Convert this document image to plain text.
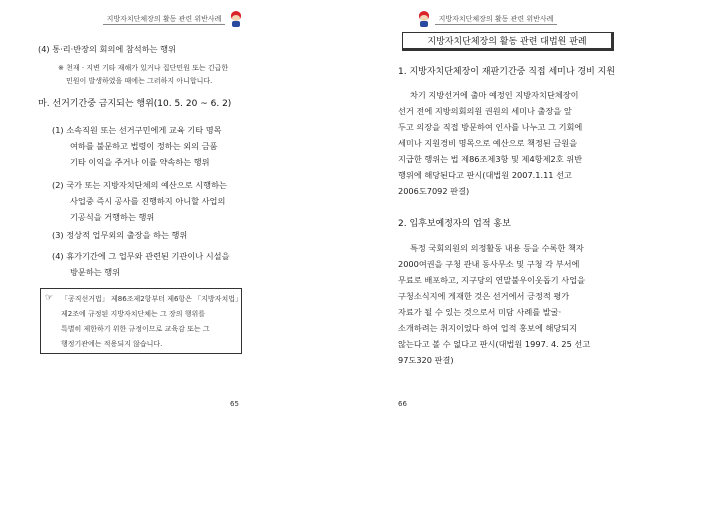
지방자치단체장의 활동 관련 위반사례
(4) 통·리·반장의 회의에 참석하는 행위
※ 천재 · 지변 기타 재해가 있거나 집단민원 또는 긴급한
민원이 발생하였을 때에는 그러하지 아니합니다.
마. 선거기간중 금지되는 행위(10. 5. 20 ~ 6. 2)
(1) 소속직원 또는 선거구민에게 교육 기타 명목
여하를 불문하고 법령이 정하는 외의 금품
기타 이익을 주거나 이를 약속하는 행위
(2) 국가 또는 지방자치단체의 예산으로 시행하는
사업중 즉시 공사를 진행하지 아니할 사업의
기공식을 거행하는 행위
(3) 정상적 업무외의 출장을 하는 행위
(4) 휴가기간에 그 업무와 관련된 기관이나 시설을
방문하는 행위
☞ 「공직선거법」 제86조제2항부터 제6항은 「지방자치법」
제2조에 규정된 지방자치단체는 그 장의 행위를
특별히 제한하기 위한 규정이므로 교육감 또는 그
행정기관에는 적용되지 않습니다.
65
지방자치단체장의 활동 관련 위반사례
지방자치단체장의 활동 관련 대법원 판례
1. 지방자치단체장이 재판기간중 직접 세미나 경비 지원
차기 지방선거에 출마 예정인 지방자치단체장이
선거 전에 지방의회의원 권원의 세미나 출장을 앞
두고 의장을 직접 방문하여 인사를 나누고 그 기회에
세미나 지원경비 명목으로 예산으로 책정된 금원을
지급한 행위는 법 제86조제3항 및 제4항제2호 위반
행위에 해당된다고 판시(대법원 2007.1.11 선고
2006도7092 판결)
2. 입후보예정자의 업적 홍보
특정 국회의원의 의정활동 내용 등을 수록한 책자
2000여권을 구청 관내 동사무소 및 구청 각 부서에
무료로 배포하고, 지구당의 연말불우이웃돕기 사업을
구청소식지에 게재한 것은 선거에서 긍정적 평가
자료가 될 수 있는 것으로서 미담 사례를 발굴·
소개하려는 취지이었다 하여 업적 홍보에 해당되지
않는다고 볼 수 없다고 판시(대법원 1997. 4. 25 선고
97도320 판결)
66
